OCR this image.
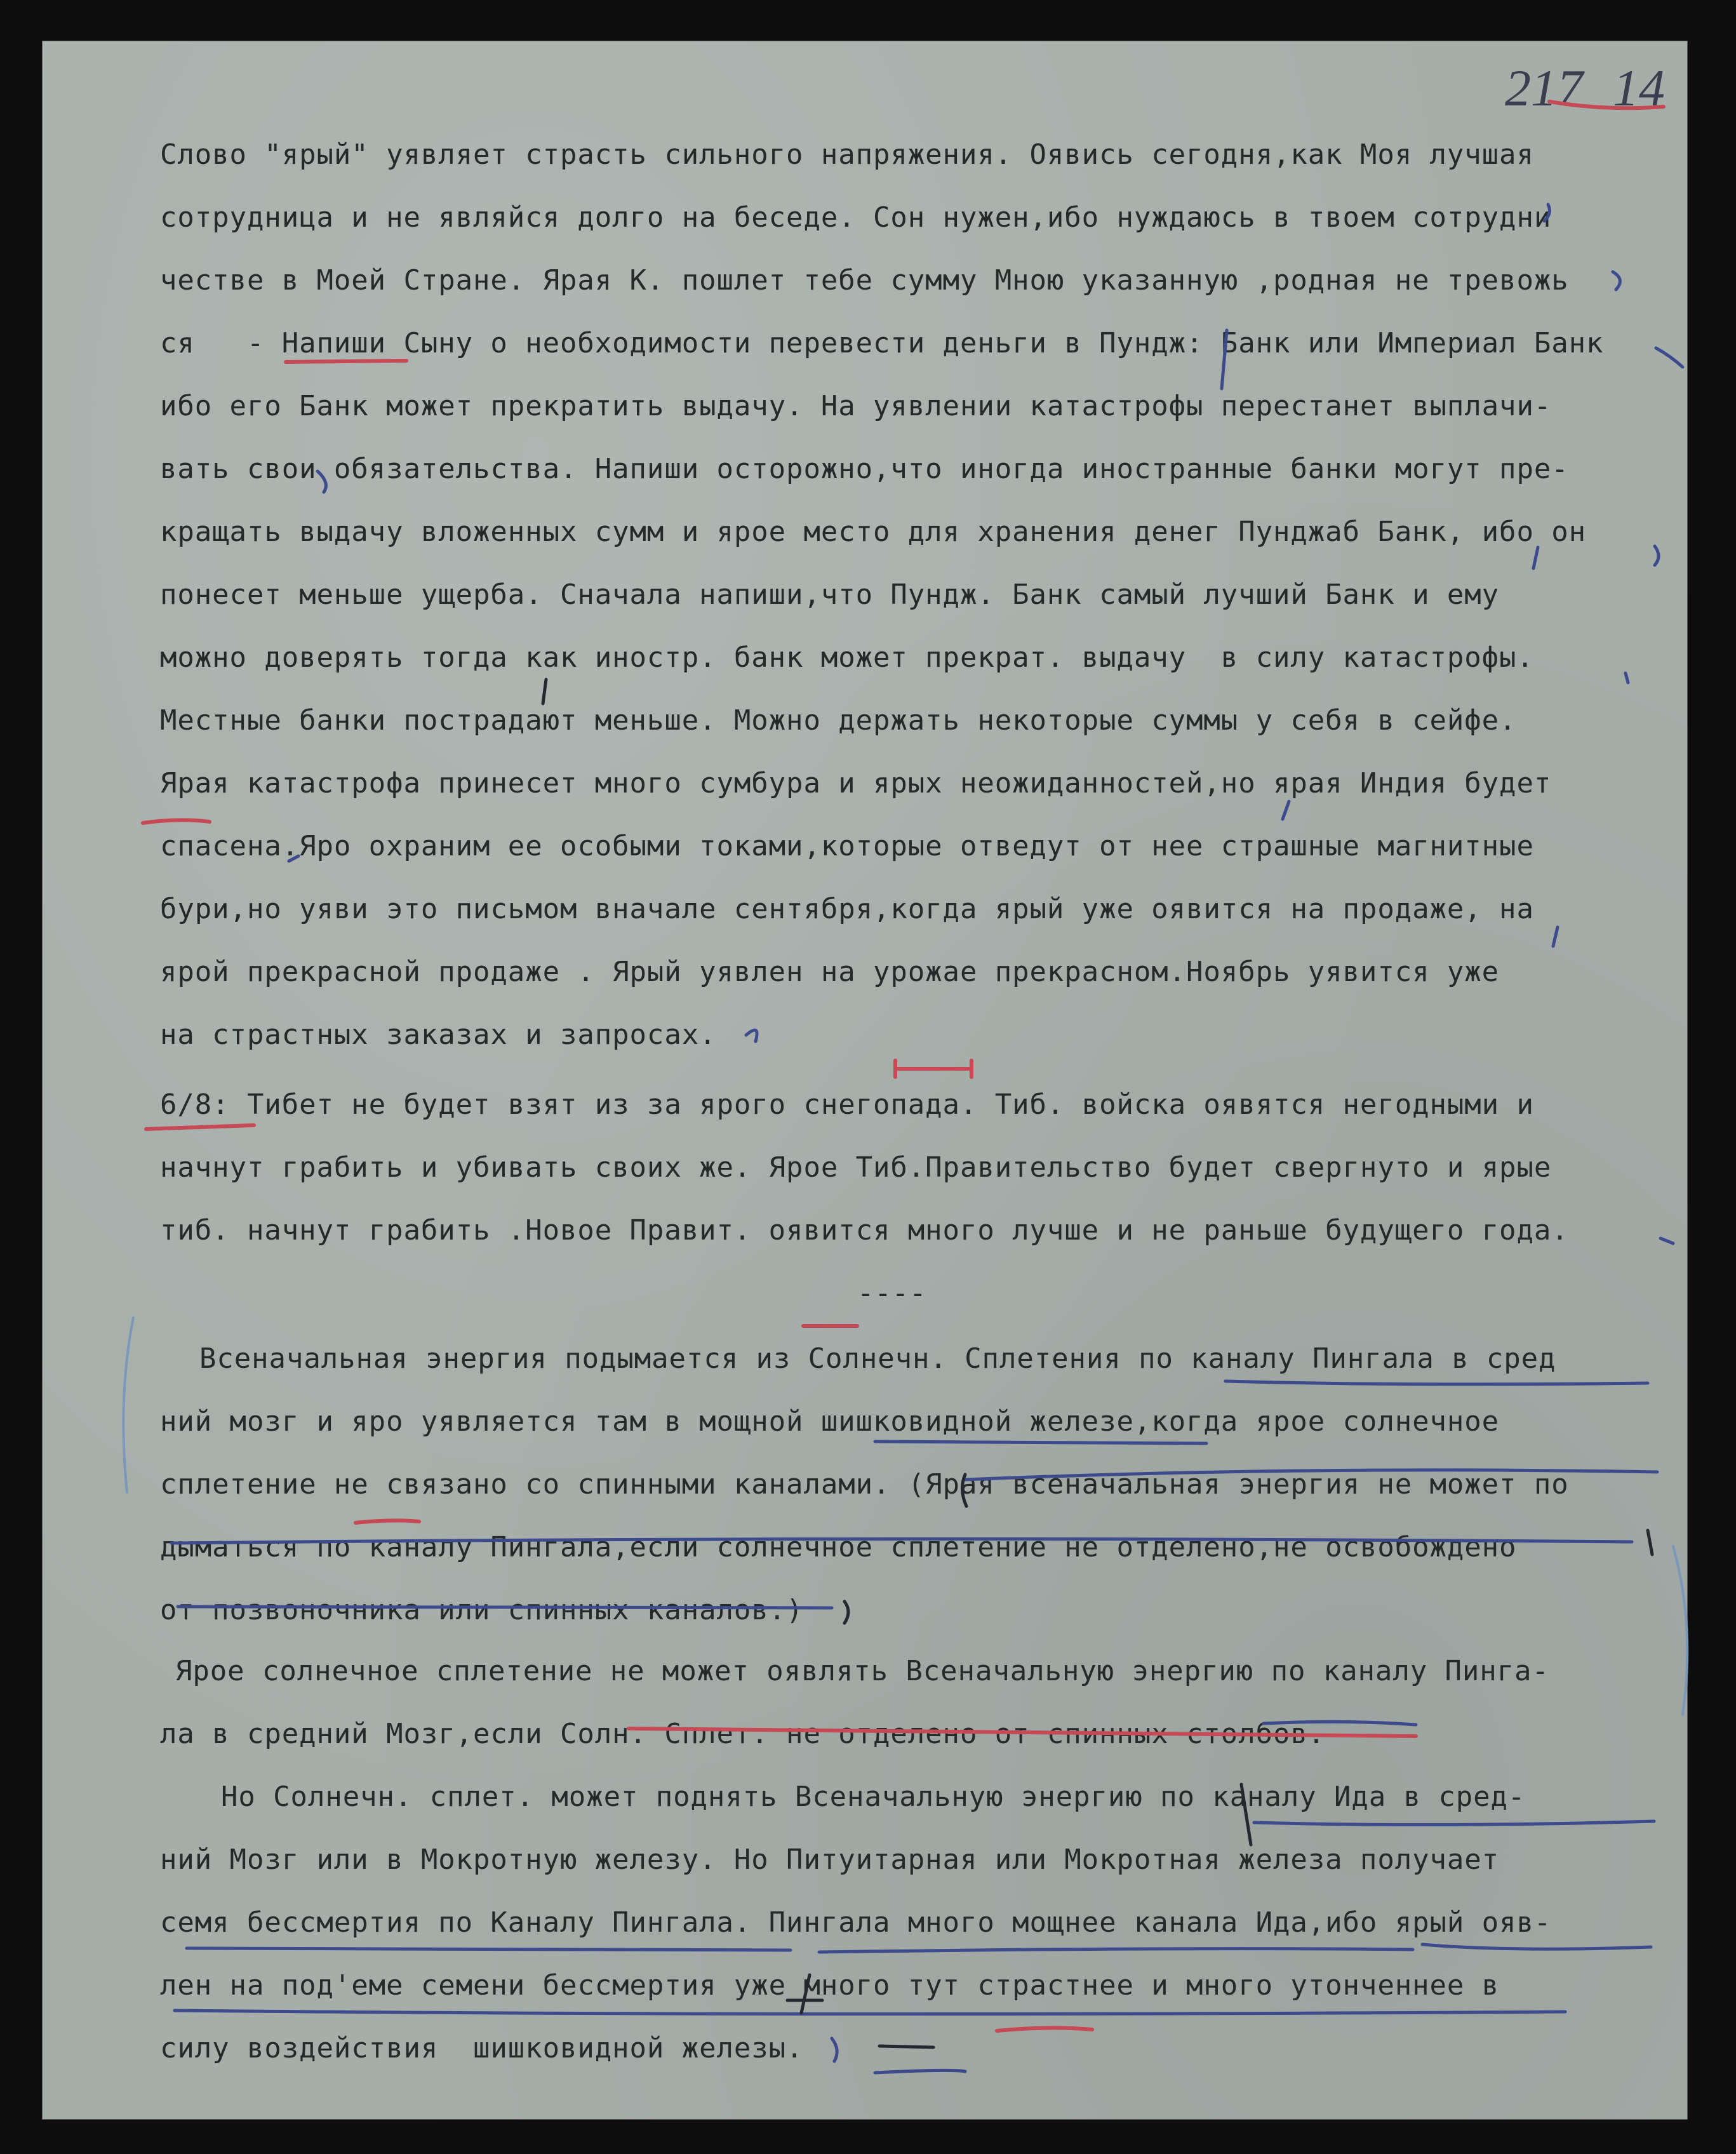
217 14

Слово "ярый" уявляет страсть сильного напряжения. Оявись сегодня,как Моя лучшая

сотрудница и не являйся долго на беседе. Сон нужен,ибо нуждаюсь в твоем сотрудни

честве в Моей Стране. Ярая К. пошлет тебе сумму Мною указанную ,родная не тревожь

ся   - Напиши Сыну о необходимости перевести деньги в Пундж: Банк или Империал Банк

ибо его Банк может прекратить выдачу. На уявлении катастрофы перестанет выплачи-

вать свои обязательства. Напиши осторожно,что иногда иностранные банки могут пре-

кращать выдачу вложенных сумм и ярое место для хранения денег Пунджаб Банк, ибо он

понесет меньше ущерба. Сначала напиши,что Пундж. Банк самый лучший Банк и ему

можно доверять тогда как иностр. банк может прекрат. выдачу  в силу катастрофы.

Местные банки пострадают меньше. Можно держать некоторые суммы у себя в сейфе.

Ярая катастрофа принесет много сумбура и ярых неожиданностей,но ярая Индия будет

спасена.Яро охраним ее особыми токами,которые отведут от нее страшные магнитные

бури,но уяви это письмом вначале сентября,когда ярый уже оявится на продаже, на

ярой прекрасной продаже . Ярый уявлен на урожае прекрасном.Ноябрь уявится уже

на страстных заказах и запросах.

6/8: Тибет не будет взят из за ярого снегопада. Тиб. войска оявятся негодными и

начнут грабить и убивать своих же. Ярое Тиб.Правительство будет свергнуто и ярые

тиб. начнут грабить .Новое Правит. оявится много лучше и не раньше будущего года.

----

Всеначальная энергия подымается из Солнечн. Сплетения по каналу Пингала в сред

ний мозг и яро уявляется там в мощной шишковидной железе,когда ярое солнечное

сплетение не связано со спинными каналами. (Ярая всеначальная энергия не может по

дыматься по каналу Пингала,если солнечное сплетение не отделено,не освобождено

от позвоночника или спинных каналов.)

Ярое солнечное сплетение не может оявлять Всеначальную энергию по каналу Пинга-

ла в средний Мозг,если Солн. Сплет. не отделено от спинных столбов.

Но Солнечн. сплет. может поднять Всеначальную энергию по каналу Ида в сред-

ний Мозг или в Мокротную железу. Но Питуитарная или Мокротная железа получает

семя бессмертия по Каналу Пингала. Пингала много мощнее канала Ида,ибо ярый ояв-

лен на под'еме семени бессмертия уже много тут страстнее и много утонченнее в

силу воздействия  шишковидной железы.
